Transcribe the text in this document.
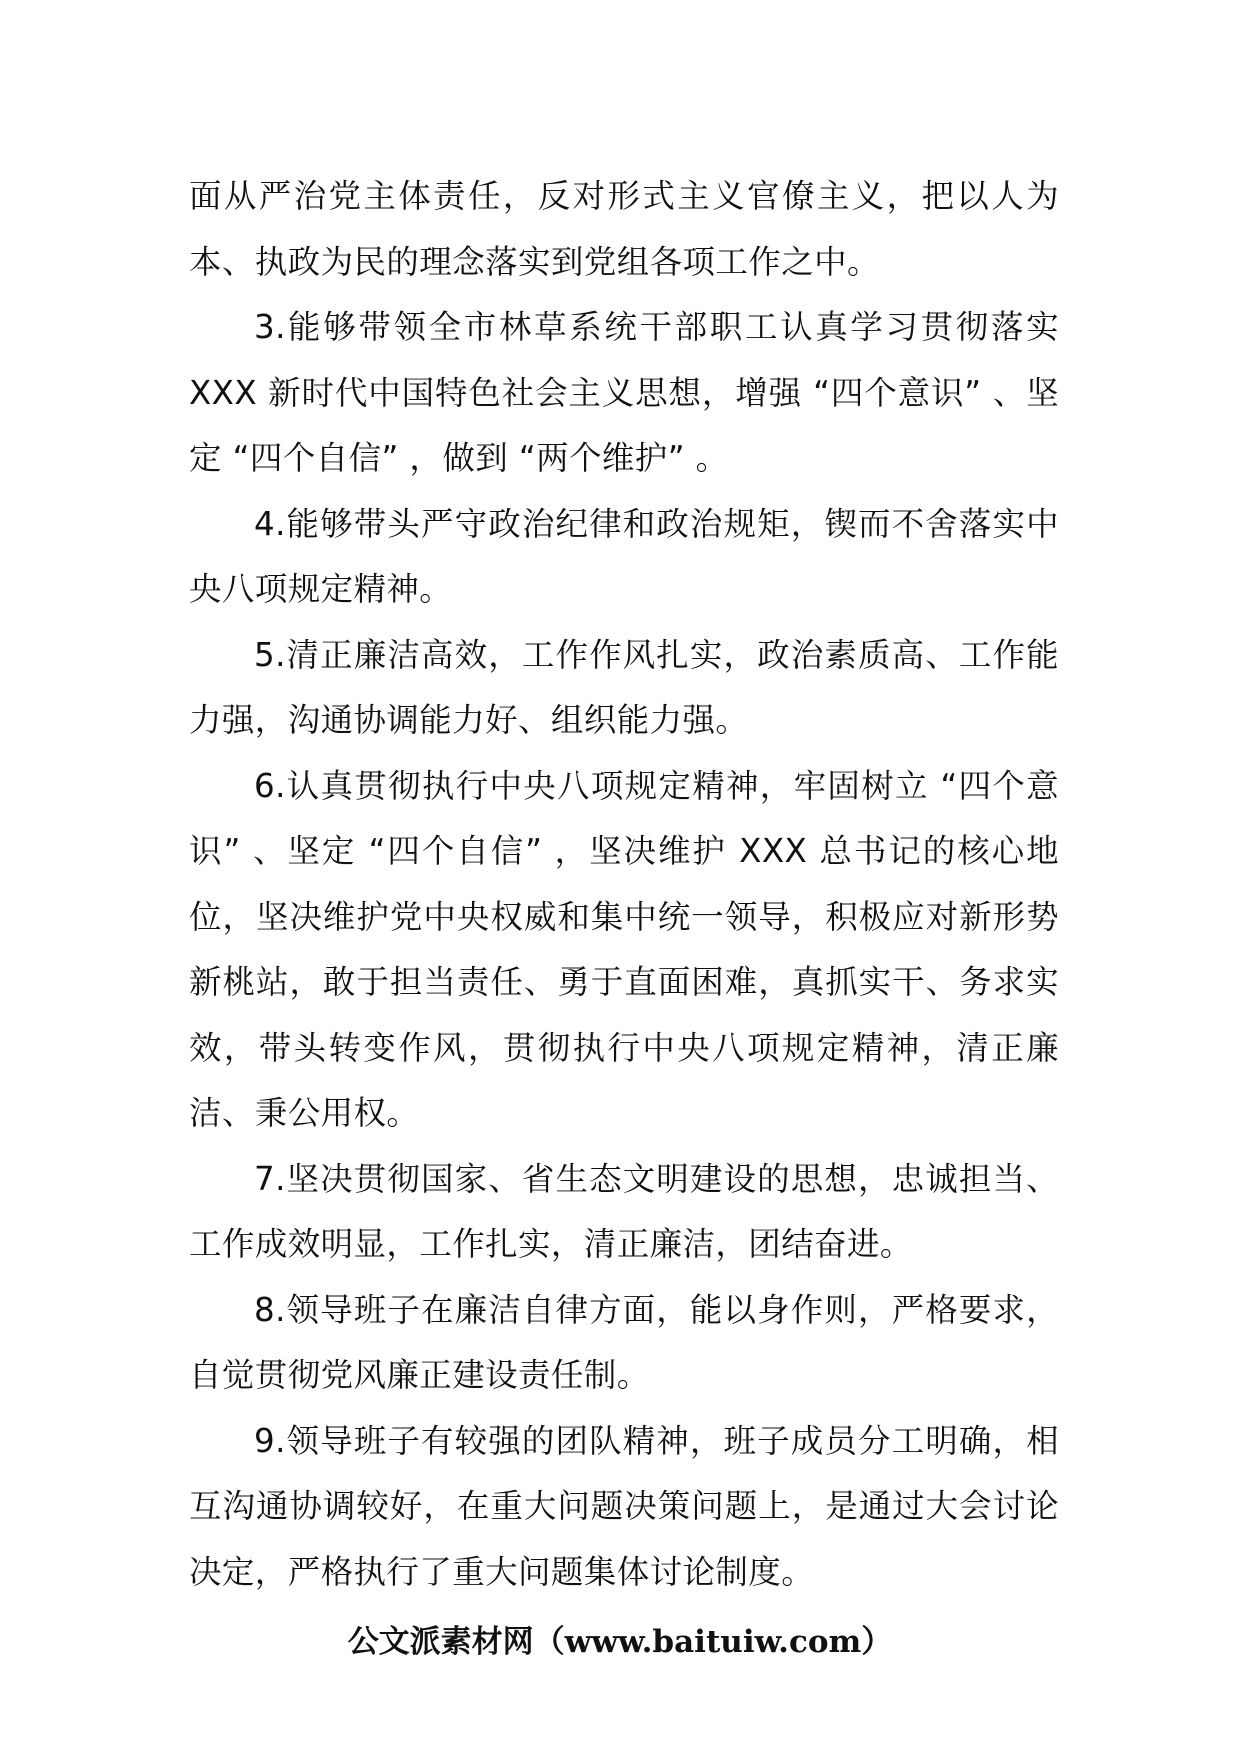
面从严治党主体责任，反对形式主义官僚主义，把以人为本、执政为民的理念落实到党组各项工作之中。

3.能够带领全市林草系统干部职工认真学习贯彻落实XXX 新时代中国特色社会主义思想，增强 “四个意识” 、坚定 “四个自信” ，做到 “两个维护” 。

4.能够带头严守政治纪律和政治规矩，锲而不舍落实中央八项规定精神。

5.清正廉洁高效，工作作风扎实，政治素质高、工作能力强，沟通协调能力好、组织能力强。

6.认真贯彻执行中央八项规定精神，牢固树立 “四个意识” 、坚定 “四个自信” ，坚决维护 XXX 总书记的核心地位，坚决维护党中央权威和集中统一领导，积极应对新形势新桃站，敢于担当责任、勇于直面困难，真抓实干、务求实效，带头转变作风，贯彻执行中央八项规定精神，清正廉洁、秉公用权。

7.坚决贯彻国家、省生态文明建设的思想，忠诚担当、工作成效明显，工作扎实，清正廉洁，团结奋进。

8.领导班子在廉洁自律方面，能以身作则，严格要求，自觉贯彻党风廉正建设责任制。

9.领导班子有较强的团队精神，班子成员分工明确，相互沟通协调较好，在重大问题决策问题上，是通过大会讨论决定，严格执行了重大问题集体讨论制度。

公文派素材网（www.baituiw.com）
